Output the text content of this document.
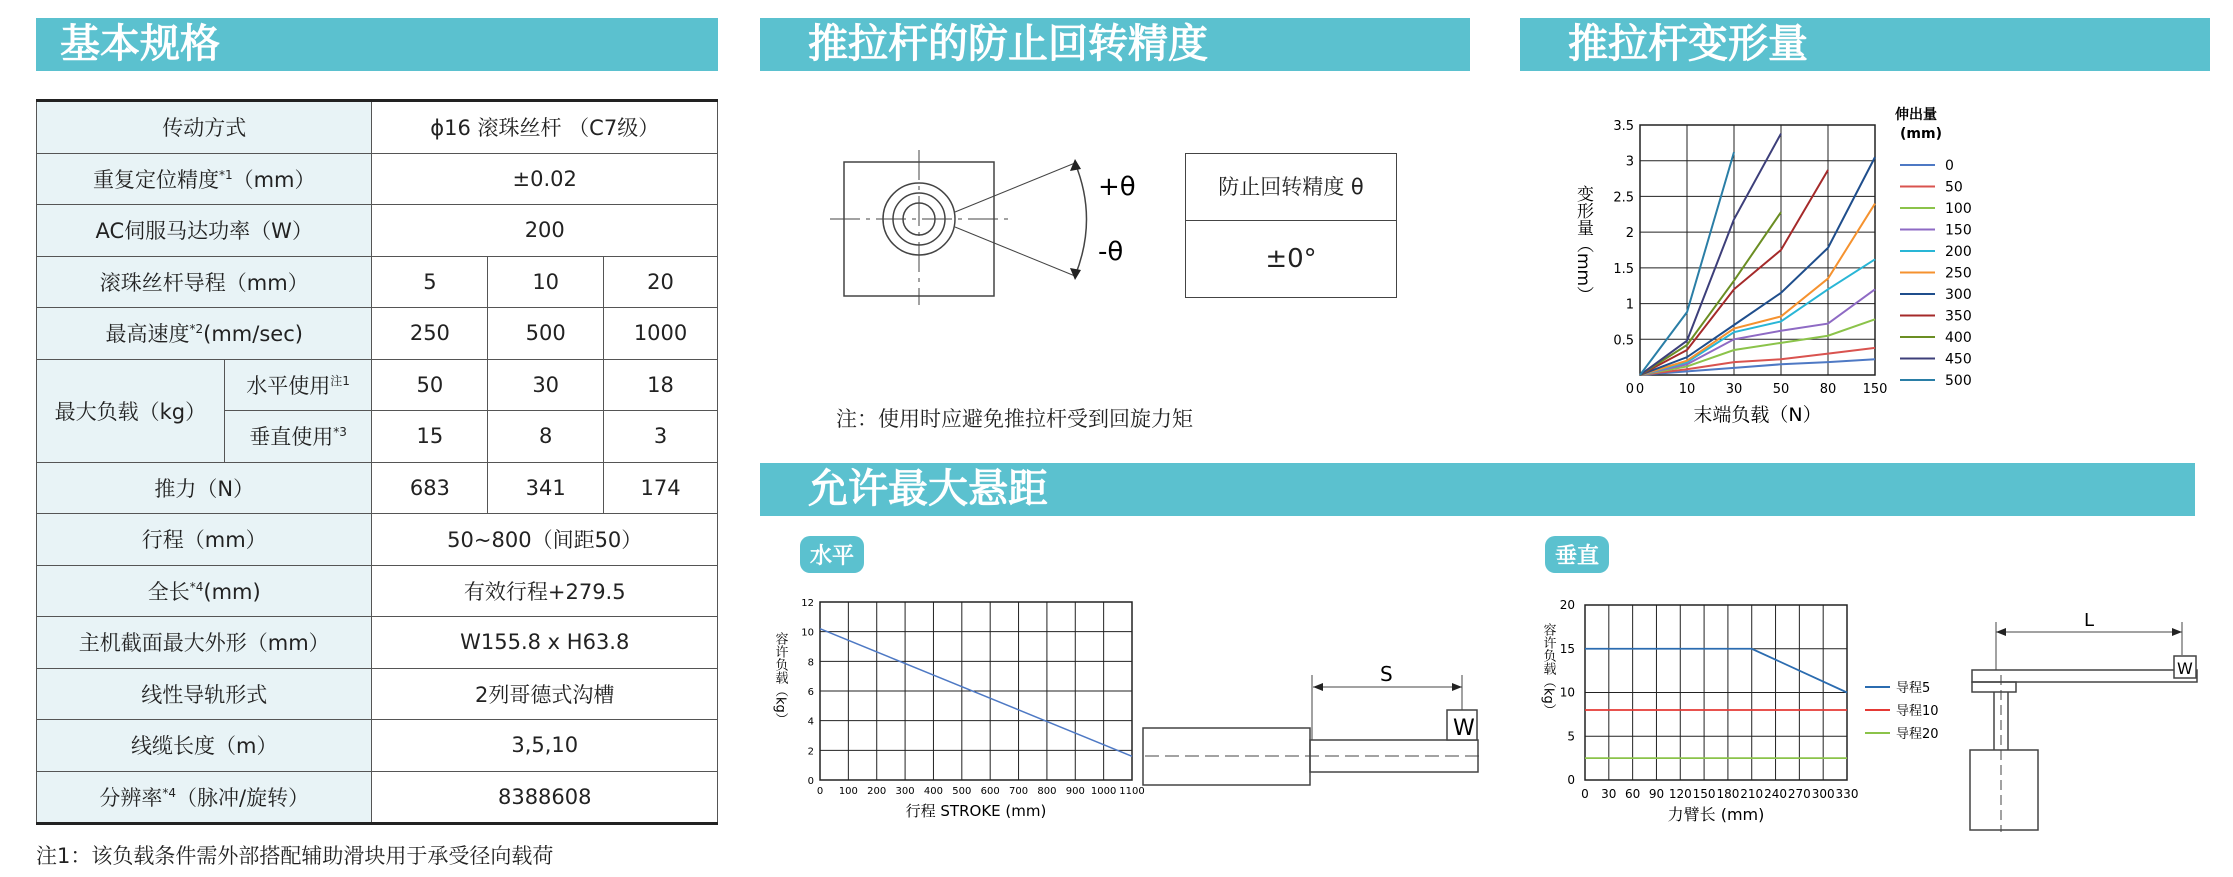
基本规格	推拉杆的防止回转精度	推拉杆变形量
允许最大悬距
传动方式		ϕ16 滚珠丝杆 （C7级）		
重复定位精度$^{*1}$（mm）		±0.02		
AC伺服马达功率（W）		200		
滚珠丝杆导程（mm）		5	10	20
最高速度$^{*2}$(mm/sec)		250	500	1000
最大负载（kg）	水平使用$^{注1}$	50	30	18
	垂直使用$^{*3}$	15	8	3
推力（N）		683	341	174
行程（mm）		50~800（间距50）		
全长$^{*4}$(mm)		有效行程+279.5		
主机截面最大外形（mm）		W155.8 x H63.8		
线性导轨形式		2列哥德式沟槽		
线缆长度（m）		3,5,10		
分辨率$^{*4}$（脉冲/旋转）		8388608		
注1：该负载条件需外部搭配辅助滑块用于承受径向载荷
+θ
-θ
防止回转精度 θ
±0°
注：使用时应避免推拉杆受到回旋力矩
0	10 30 50 80 150
0.5
1
1.5
2
2.5
3
3.5
0
末端负载（N）
变形量（mm）
0
50
100
150
200
250
300
350
400
450
500
伸出量
(mm)
水平	垂直
0 100 200 300 400 500 600 700 800 900 1000 1100
0
2
4
6
8
10
12
行程 STROKE (mm)
容许负载（kg）
W
S
0 30 60 90 120 150 180 210 240 270 300 330
0
5
10
15
20
力臂长 (mm)
容许负载（kg）	导程5
导程10
导程20
L
W
